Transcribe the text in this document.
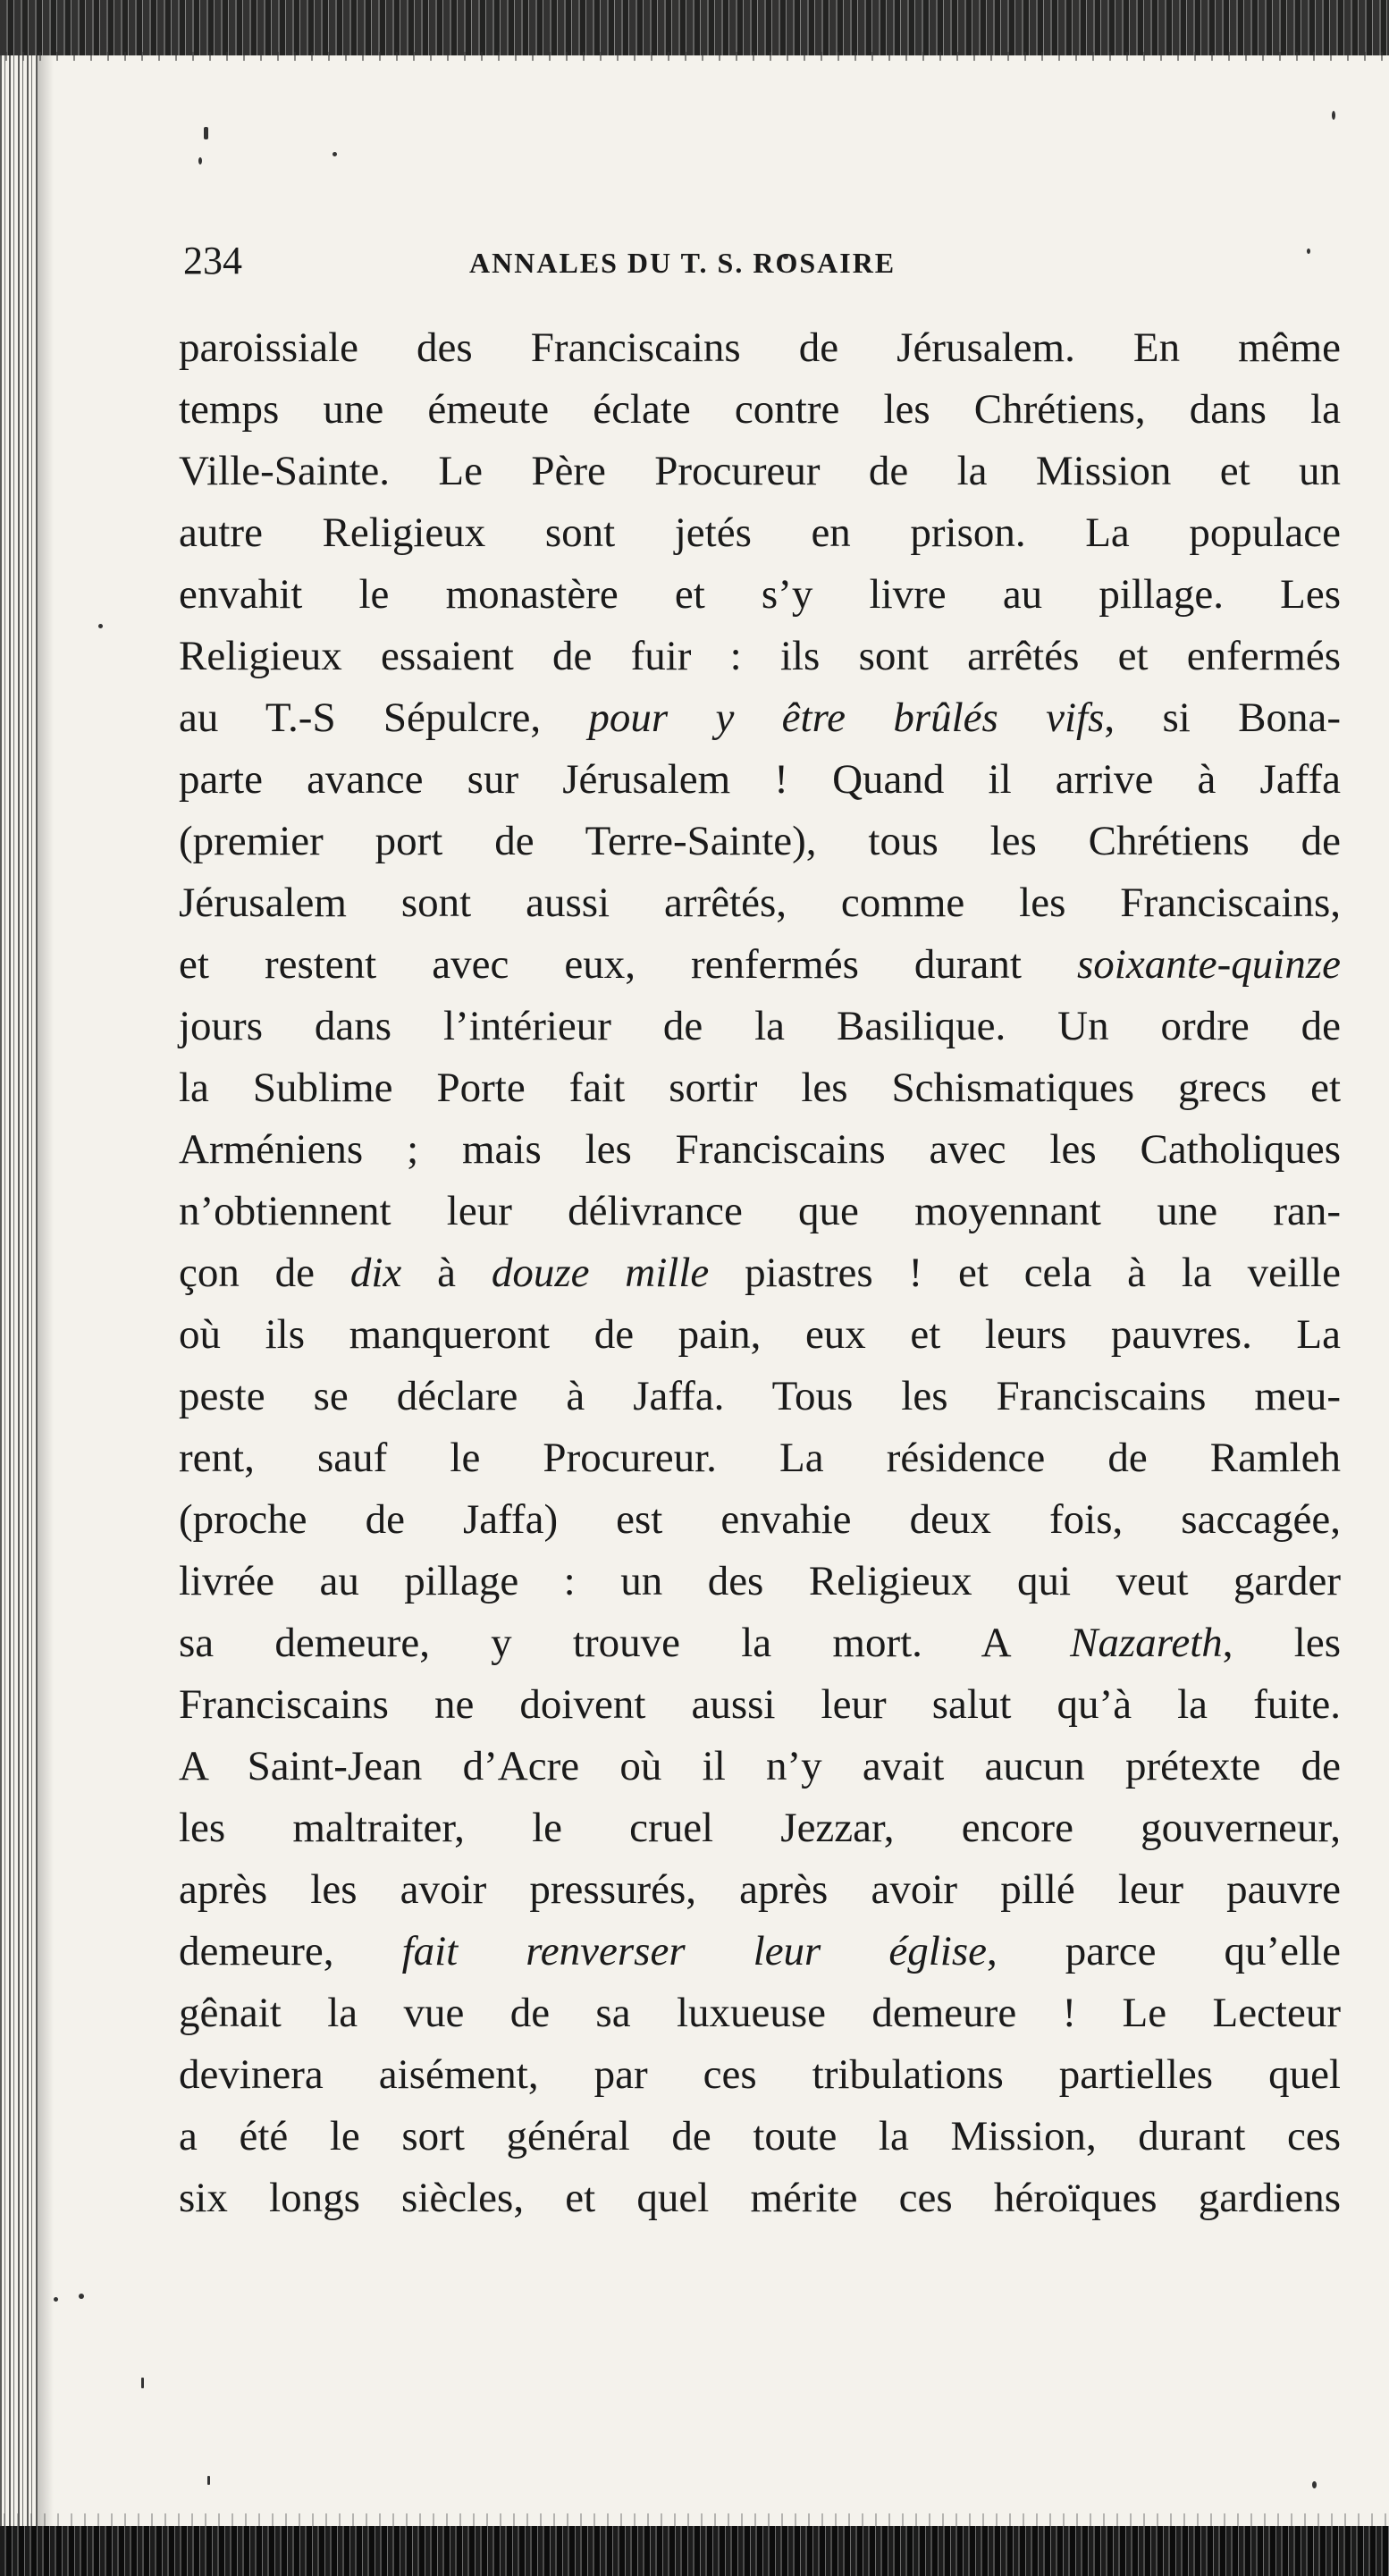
234	ANNALES DU T. S. ROSAIRE
paroissiale des Franciscains de Jérusalem. En même
temps une émeute éclate contre les Chrétiens, dans la
Ville-Sainte. Le Père Procureur de la Mission et un
autre Religieux sont jetés en prison. La populace
envahit le monastère et s’y livre au pillage. Les
Religieux essaient de fuir : ils sont arrêtés et enfermés
au T.-S Sépulcre, pour y être brûlés vifs, si Bona-
parte avance sur Jérusalem ! Quand il arrive à Jaffa
(premier port de Terre-Sainte), tous les Chrétiens de
Jérusalem sont aussi arrêtés, comme les Franciscains,
et restent avec eux, renfermés durant soixante-quinze
jours dans l’intérieur de la Basilique. Un ordre de
la Sublime Porte fait sortir les Schismatiques grecs et
Arméniens ; mais les Franciscains avec les Catholiques
n’obtiennent leur délivrance que moyennant une ran-
çon de dix à douze mille piastres ! et cela à la veille
où ils manqueront de pain, eux et leurs pauvres. La
peste se déclare à Jaffa. Tous les Franciscains meu-
rent, sauf le Procureur. La résidence de Ramleh
(proche de Jaffa) est envahie deux fois, saccagée,
livrée au pillage : un des Religieux qui veut garder
sa demeure, y trouve la mort. A Nazareth, les
Franciscains ne doivent aussi leur salut qu’à la fuite.
A Saint-Jean d’Acre où il n’y avait aucun prétexte de
les maltraiter, le cruel Jezzar, encore gouverneur,
après les avoir pressurés, après avoir pillé leur pauvre
demeure, fait renverser leur église, parce qu’elle
gênait la vue de sa luxueuse demeure ! Le Lecteur
devinera aisément, par ces tribulations partielles quel
a été le sort général de toute la Mission, durant ces
six longs siècles, et quel mérite ces héroïques gardiens
